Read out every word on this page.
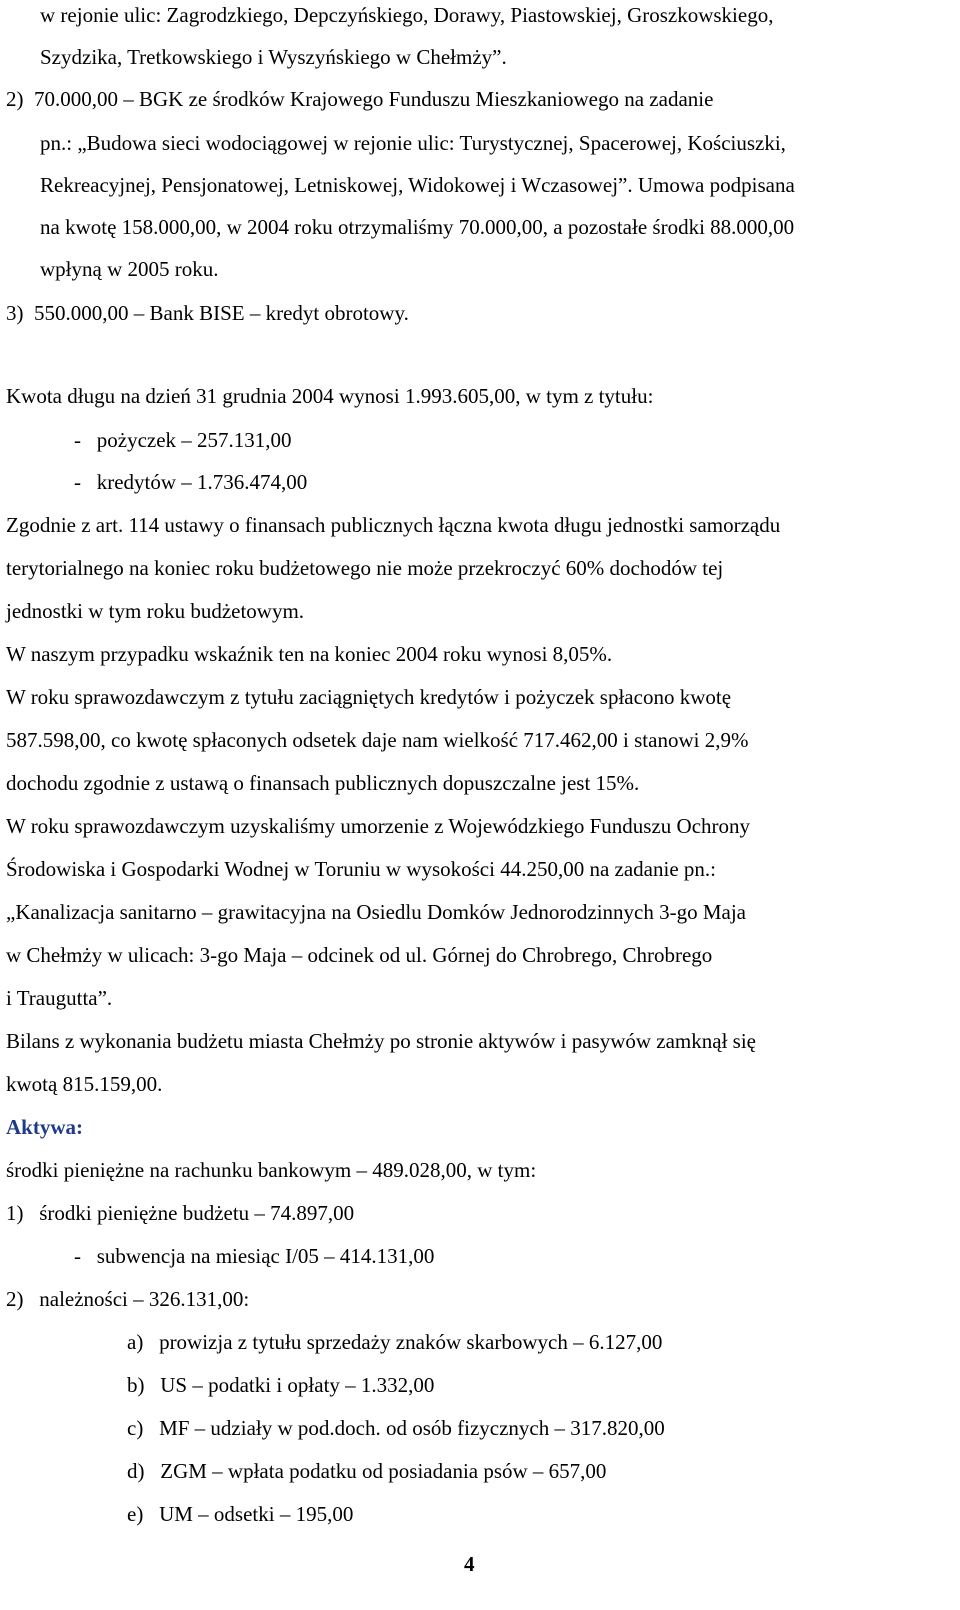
w rejonie ulic: Zagrodzkiego, Depczyńskiego, Dorawy, Piastowskiej, Groszkowskiego,
Szydzika, Tretkowskiego i Wyszyńskiego w Chełmży”.
2)  70.000,00 – BGK ze środków Krajowego Funduszu Mieszkaniowego na zadanie
pn.: „Budowa sieci wodociągowej w rejonie ulic: Turystycznej, Spacerowej, Kościuszki,
Rekreacyjnej, Pensjonatowej, Letniskowej, Widokowej i Wczasowej”. Umowa podpisana
na kwotę 158.000,00, w 2004 roku otrzymaliśmy 70.000,00, a pozostałe środki 88.000,00
wpłyną w 2005 roku.
3)  550.000,00 – Bank BISE – kredyt obrotowy.
Kwota długu na dzień 31 grudnia 2004 wynosi 1.993.605,00, w tym z tytułu:
-   pożyczek – 257.131,00
-   kredytów – 1.736.474,00
Zgodnie z art. 114 ustawy o finansach publicznych łączna kwota długu jednostki samorządu
terytorialnego na koniec roku budżetowego nie może przekroczyć 60% dochodów tej
jednostki w tym roku budżetowym.
W naszym przypadku wskaźnik ten na koniec 2004 roku wynosi 8,05%.
W roku sprawozdawczym z tytułu zaciągniętych kredytów i pożyczek spłacono kwotę
587.598,00, co kwotę spłaconych odsetek daje nam wielkość 717.462,00 i stanowi 2,9%
dochodu zgodnie z ustawą o finansach publicznych dopuszczalne jest 15%.
W roku sprawozdawczym uzyskaliśmy umorzenie z Wojewódzkiego Funduszu Ochrony
Środowiska i Gospodarki Wodnej w Toruniu w wysokości 44.250,00 na zadanie pn.:
„Kanalizacja sanitarno – grawitacyjna na Osiedlu Domków Jednorodzinnych 3-go Maja
w Chełmży w ulicach: 3-go Maja – odcinek od ul. Górnej do Chrobrego, Chrobrego
i Traugutta”.
Bilans z wykonania budżetu miasta Chełmży po stronie aktywów i pasywów zamknął się
kwotą 815.159,00.
Aktywa:
środki pieniężne na rachunku bankowym – 489.028,00, w tym:
1)   środki pieniężne budżetu – 74.897,00
-   subwencja na miesiąc I/05 – 414.131,00
2)   należności – 326.131,00:
a)   prowizja z tytułu sprzedaży znaków skarbowych – 6.127,00
b)   US – podatki i opłaty – 1.332,00
c)   MF – udziały w pod.doch. od osób fizycznych – 317.820,00
d)   ZGM – wpłata podatku od posiadania psów – 657,00
e)   UM – odsetki – 195,00
4
